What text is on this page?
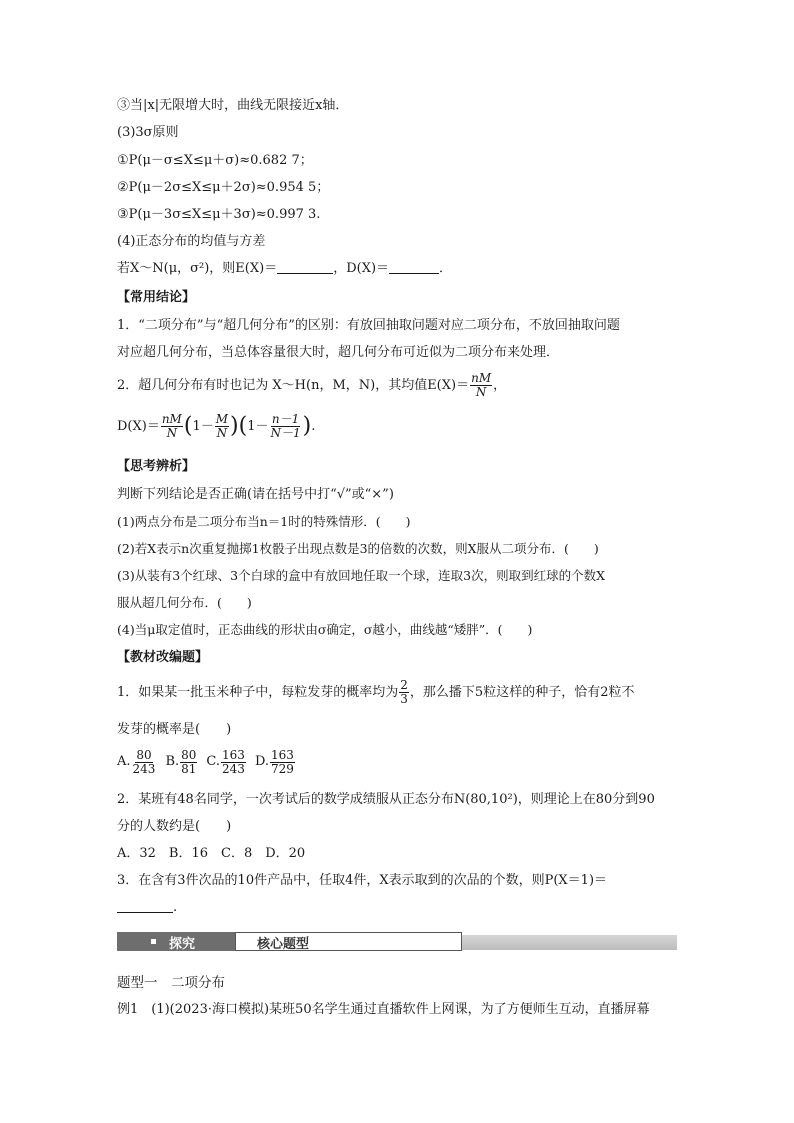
③当|x|无限增大时，曲线无限接近x轴．
(3)3σ原则
①P(μ－σ≤X≤μ＋σ)≈0.682 7；
②P(μ－2σ≤X≤μ＋2σ)≈0.954 5；
③P(μ－3σ≤X≤μ＋3σ)≈0.997 3.
(4)正态分布的均值与方差
若X～N(μ，σ²)，则E(X)＝	，D(X)＝	．
【常用结论】
1．“二项分布”与“超几何分布”的区别：有放回抽取问题对应二项分布，不放回抽取问题
对应超几何分布，当总体容量很大时，超几何分布可近似为二项分布来处理．
2．超几何分布有时也记为 X～H(n，M，N)，其均值$E(X)= \frac{nM}{N}$ ，
$D(X)= \frac{nM}{N} (1- \frac{M}{N} )(1- \frac{n-1}{N-1}$ ).
【思考辨析】
判断下列结论是否正确(请在括号中打“√”或“×”)
(1)两点分布是二项分布当n＝1时的特殊情形．(　　)
(2)若X表示n次重复抛掷1枚骰子出现点数是3的倍数的次数，则X服从二项分布．(　　)
(3)从装有3个红球、3个白球的盒中有放回地任取一个球，连取3次，则取到红球的个数X
服从超几何分布．(　　)
(4)当μ取定值时，正态曲线的形状由σ确定，σ越小，曲线越“矮胖”．(　　)
【教材改编题】
1．如果某一批玉米种子中，每粒发芽的概率均为 $\frac{2}{3}$ ，那么播下5粒这样的种子，恰有2粒不
发芽的概率是(　　)
A. $\frac{80}{243} B$. $\frac{80}{81} C$. $\frac{163}{243} D$. $\frac{163}{729}$
2．某班有48名同学，一次考试后的数学成绩服从正态分布N(80,10²)，则理论上在80分到90
分的人数约是(　　)
A．32　B．16　C．8　D．20
3．在含有3件次品的10件产品中，任取4件，X表示取到的次品的个数，则P(X＝1)＝
.
探究	核心题型
题型一　二项分布
例1　(1)(2023·海口模拟)某班50名学生通过直播软件上网课，为了方便师生互动，直播屏幕
